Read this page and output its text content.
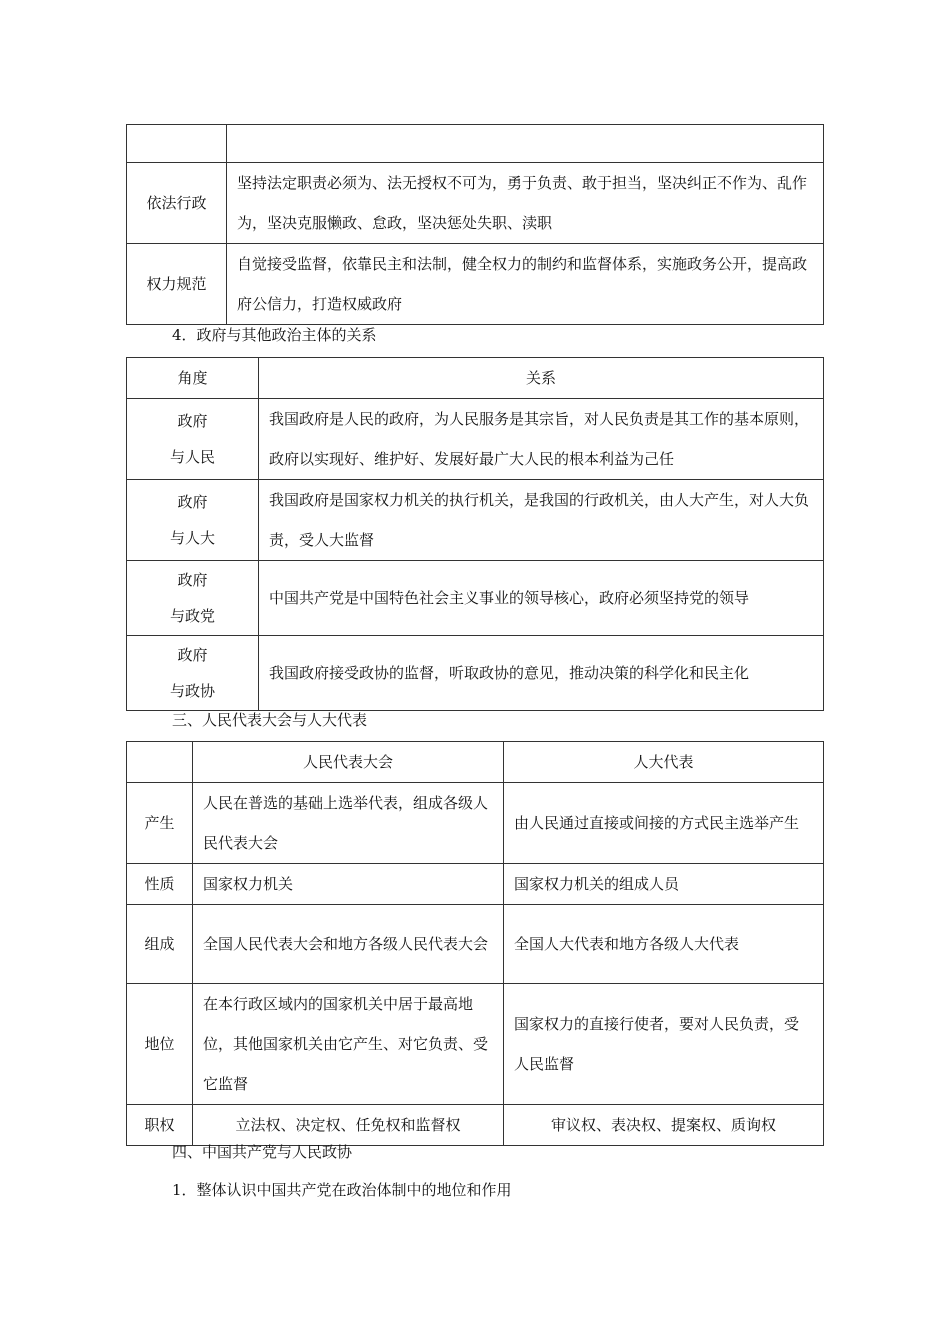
依法行政	坚持法定职责必须为、法无授权不可为，勇于负责、敢于担当，坚决纠正不作为、乱作为，坚决克服懒政、怠政，坚决惩处失职、渎职
权力规范	自觉接受监督，依靠民主和法制，健全权力的制约和监督体系，实施政务公开，提高政府公信力，打造权威政府
4．政府与其他政治主体的关系
角度	关系
政府
与人民	我国政府是人民的政府，为人民服务是其宗旨，对人民负责是其工作的基本原则，政府以实现好、维护好、发展好最广大人民的根本利益为己任
政府
与人大	我国政府是国家权力机关的执行机关，是我国的行政机关，由人大产生，对人大负责，受人大监督
政府
与政党	中国共产党是中国特色社会主义事业的领导核心，政府必须坚持党的领导
政府
与政协	我国政府接受政协的监督，听取政协的意见，推动决策的科学化和民主化
三、人民代表大会与人大代表
	人民代表大会	人大代表
产生	人民在普选的基础上选举代表，组成各级人民代表大会	由人民通过直接或间接的方式民主选举产生
性质	国家权力机关	国家权力机关的组成人员
组成	全国人民代表大会和地方各级人民代表大会	全国人大代表和地方各级人大代表
地位	在本行政区域内的国家机关中居于最高地位，其他国家机关由它产生、对它负责、受它监督	国家权力的直接行使者，要对人民负责，受人民监督
职权	立法权、决定权、任免权和监督权	审议权、表决权、提案权、质询权
四、中国共产党与人民政协
1．整体认识中国共产党在政治体制中的地位和作用
